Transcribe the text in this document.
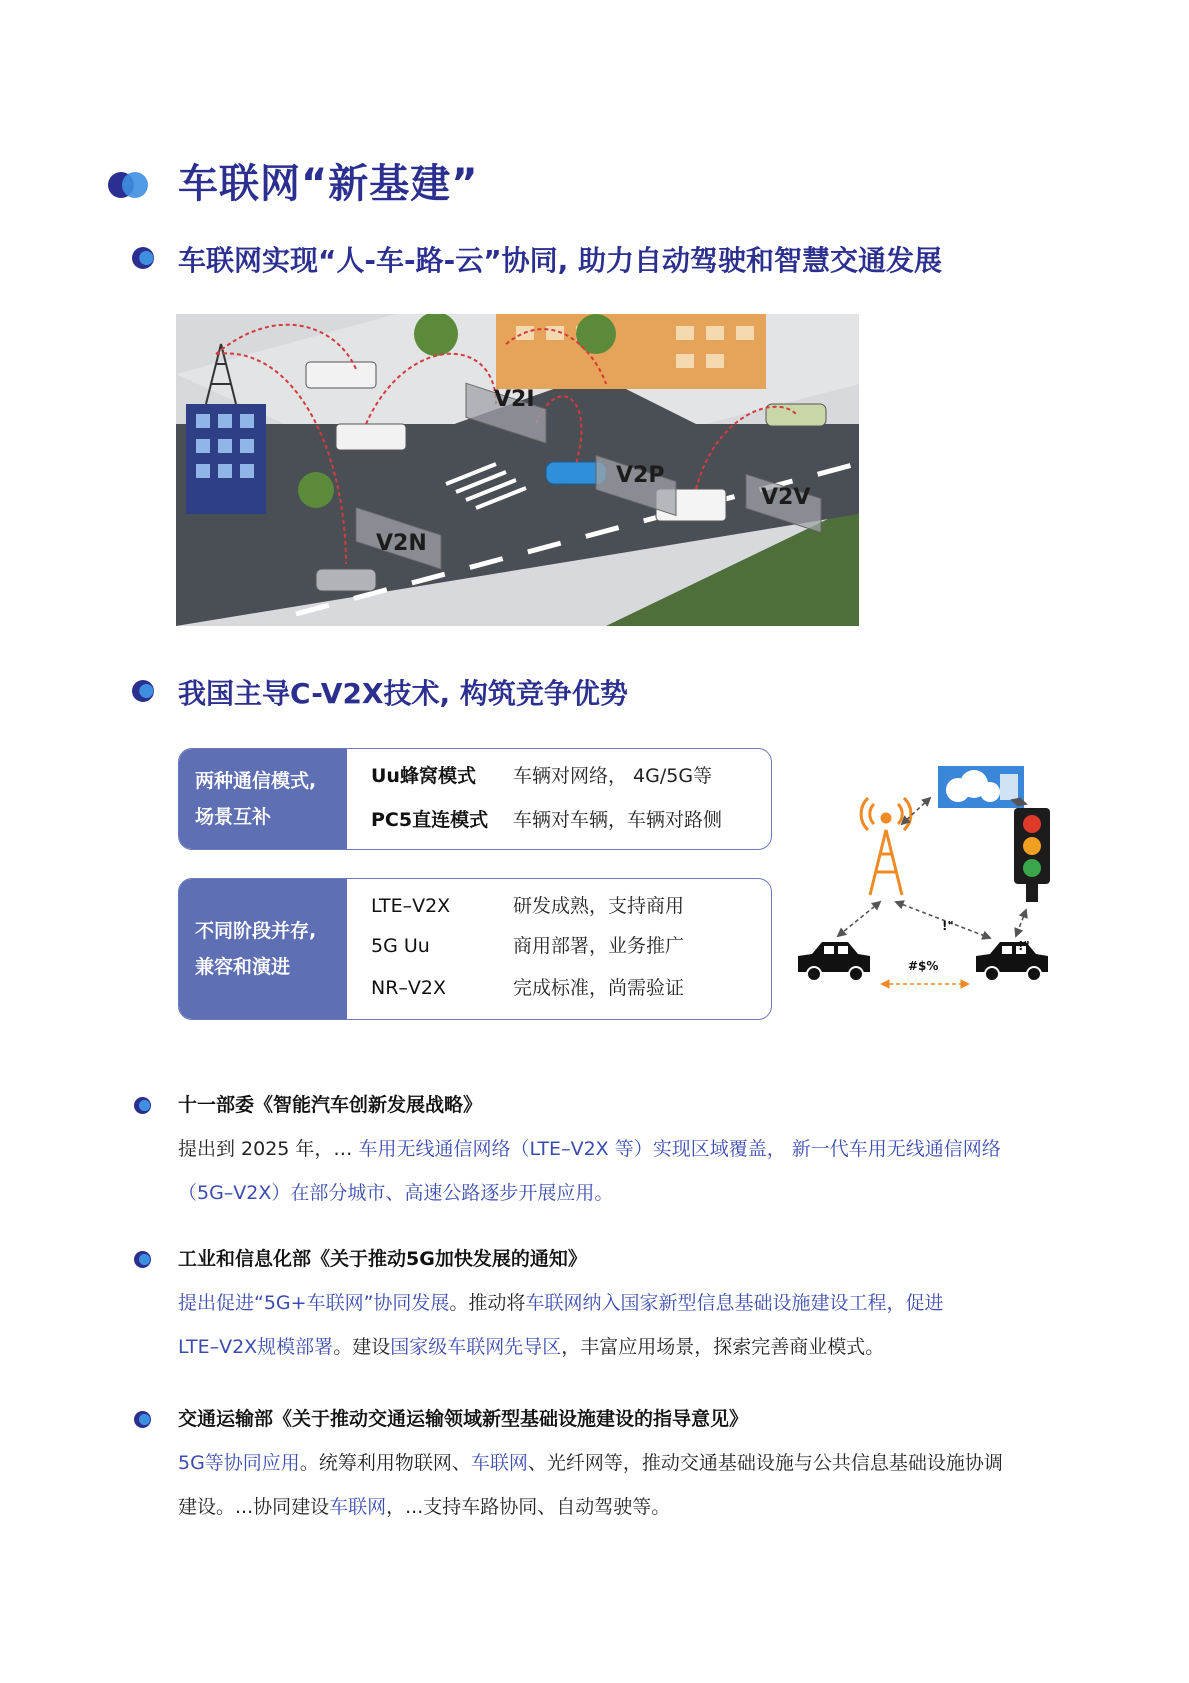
车联网“新基建”
车联网实现“人-车-路-云”协同, 助力自动驾驶和智慧交通发展
V2I
V2P
V2V
V2N
我国主导C-V2X技术, 构筑竞争优势
两种通信模式,
场景互补
Uu蜂窝模式 车辆对网络， 4G/5G等
PC5直连模式 车辆对车辆，车辆对路侧
不同阶段并存,
兼容和演进
LTE–V2X	研发成熟，支持商用
5G Uu	商用部署，业务推广
NR–V2X	完成标准，尚需验证
!"
!"
#$%
十一部委《智能汽车创新发展战略》
提出到 2025 年，… 车用无线通信网络（LTE–V2X 等）实现区域覆盖， 新一代车用无线通信网络
（5G–V2X）在部分城市、高速公路逐步开展应用。
工业和信息化部《关于推动5G加快发展的通知》
提出促进“5G+车联网”协同发展。推动将车联网纳入国家新型信息基础设施建设工程，促进
LTE–V2X规模部署。建设国家级车联网先导区，丰富应用场景，探索完善商业模式。
交通运输部《关于推动交通运输领域新型基础设施建设的指导意见》
5G等协同应用。统筹利用物联网、车联网、光纤网等，推动交通基础设施与公共信息基础设施协调
建设。...协同建设车联网，...支持车路协同、自动驾驶等。
